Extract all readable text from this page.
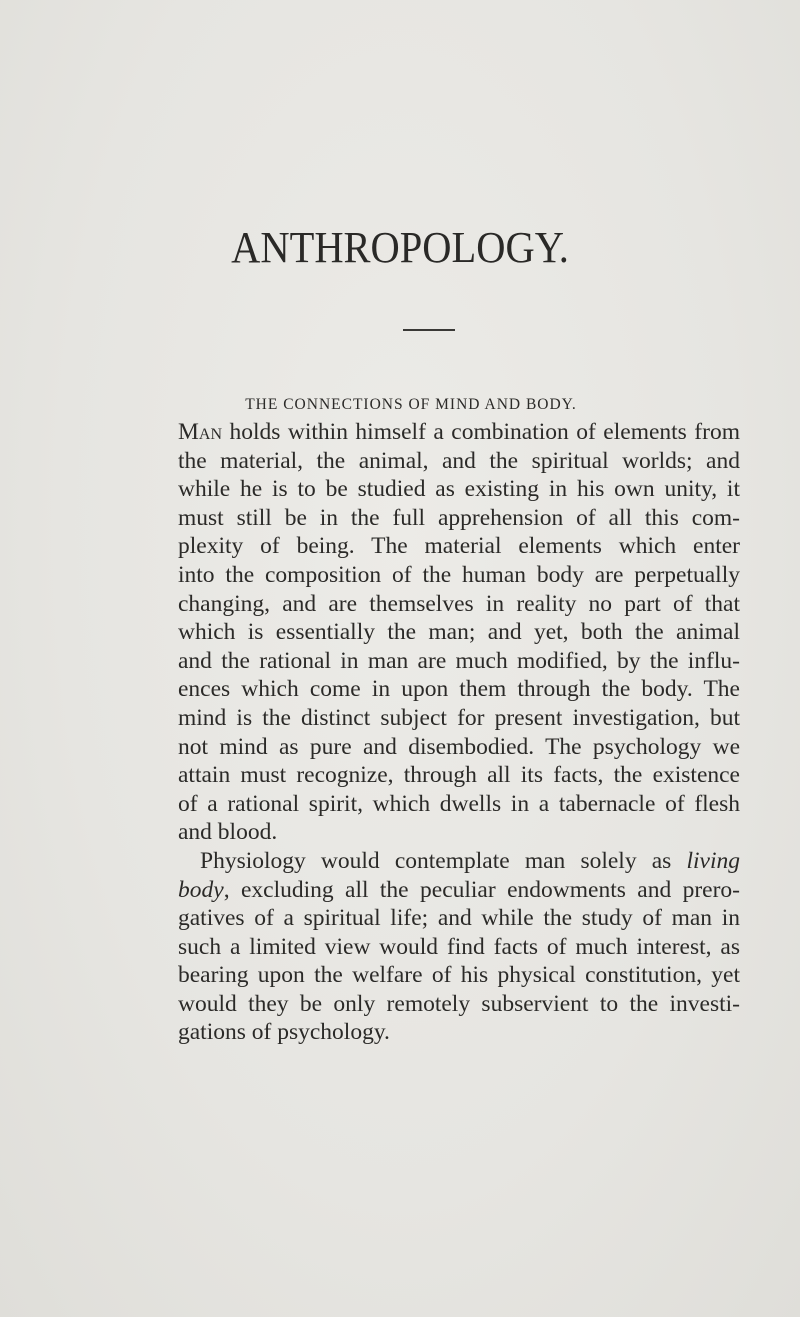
ANTHROPOLOGY.
THE CONNECTIONS OF MIND AND BODY.
Man holds within himself a combination of elements from
the material, the animal, and the spiritual worlds; and
while he is to be studied as existing in his own unity, it
must still be in the full apprehension of all this com-
plexity of being. The material elements which enter
into the composition of the human body are perpetually
changing, and are themselves in reality no part of that
which is essentially the man; and yet, both the animal
and the rational in man are much modified, by the influ-
ences which come in upon them through the body. The
mind is the distinct subject for present investigation, but
not mind as pure and disembodied. The psychology we
attain must recognize, through all its facts, the existence
of a rational spirit, which dwells in a tabernacle of flesh
and blood.
Physiology would contemplate man solely as living
body, excluding all the peculiar endowments and prero-
gatives of a spiritual life; and while the study of man in
such a limited view would find facts of much interest, as
bearing upon the welfare of his physical constitution, yet
would they be only remotely subservient to the investi-
gations of psychology.
